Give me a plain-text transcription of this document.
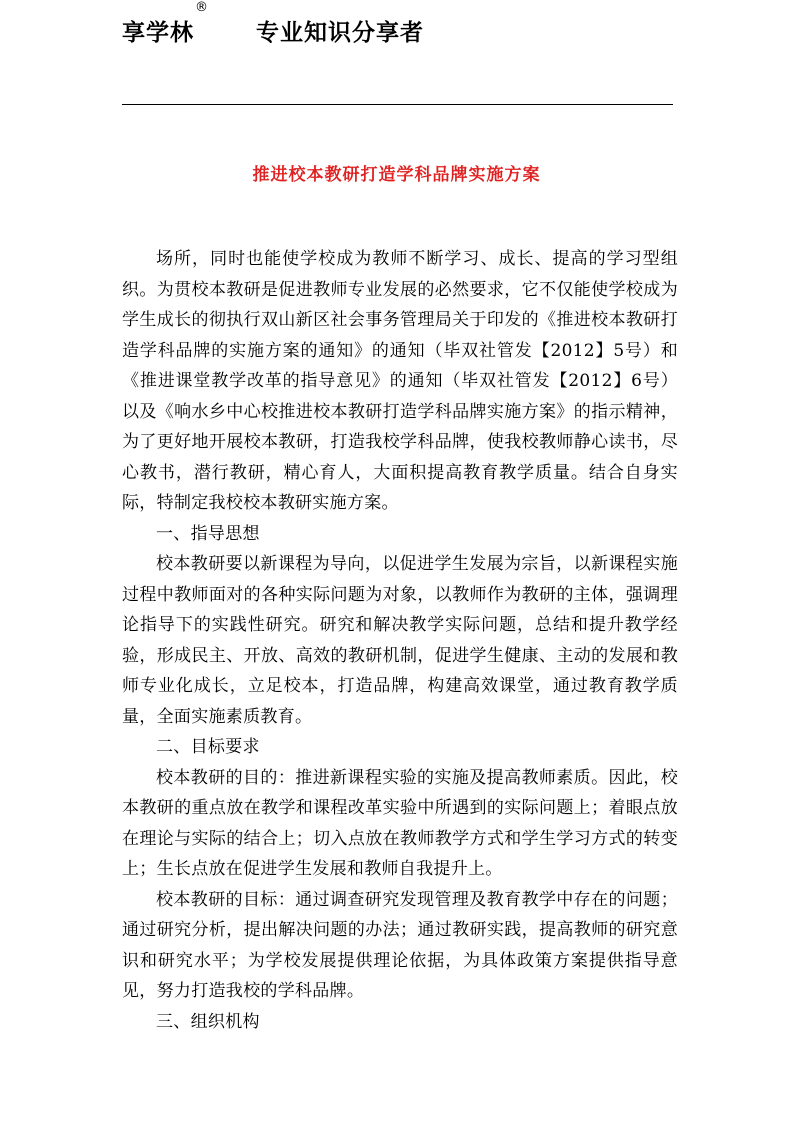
享学林
®
专业知识分享者
推进校本教研打造学科品牌实施方案

场所，同时也能使学校成为教师不断学习、成长、提高的学习型组织。为贯校本教研是促进教师专业发展的必然要求，它不仅能使学校成为学生成长的彻执行双山新区社会事务管理局关于印发的《推进校本教研打造学科品牌的实施方案的通知》的通知（毕双社管发【2012】5号）和《推进课堂教学改革的指导意见》的通知（毕双社管发【2012】6号）以及《响水乡中心校推进校本教研打造学科品牌实施方案》的指示精神，为了更好地开展校本教研，打造我校学科品牌，使我校教师静心读书，尽心教书，潜行教研，精心育人，大面积提高教育教学质量。结合自身实际，特制定我校校本教研实施方案。

一、指导思想

校本教研要以新课程为导向，以促进学生发展为宗旨，以新课程实施过程中教师面对的各种实际问题为对象，以教师作为教研的主体，强调理论指导下的实践性研究。研究和解决教学实际问题，总结和提升教学经验，形成民主、开放、高效的教研机制，促进学生健康、主动的发展和教师专业化成长，立足校本，打造品牌，构建高效课堂，通过教育教学质量，全面实施素质教育。

二、目标要求

校本教研的目的：推进新课程实验的实施及提高教师素质。因此，校本教研的重点放在教学和课程改革实验中所遇到的实际问题上；着眼点放在理论与实际的结合上；切入点放在教师教学方式和学生学习方式的转变上；生长点放在促进学生发展和教师自我提升上。

校本教研的目标：通过调查研究发现管理及教育教学中存在的问题；通过研究分析，提出解决问题的办法；通过教研实践，提高教师的研究意识和研究水平；为学校发展提供理论依据，为具体政策方案提供指导意见，努力打造我校的学科品牌。

三、组织机构
